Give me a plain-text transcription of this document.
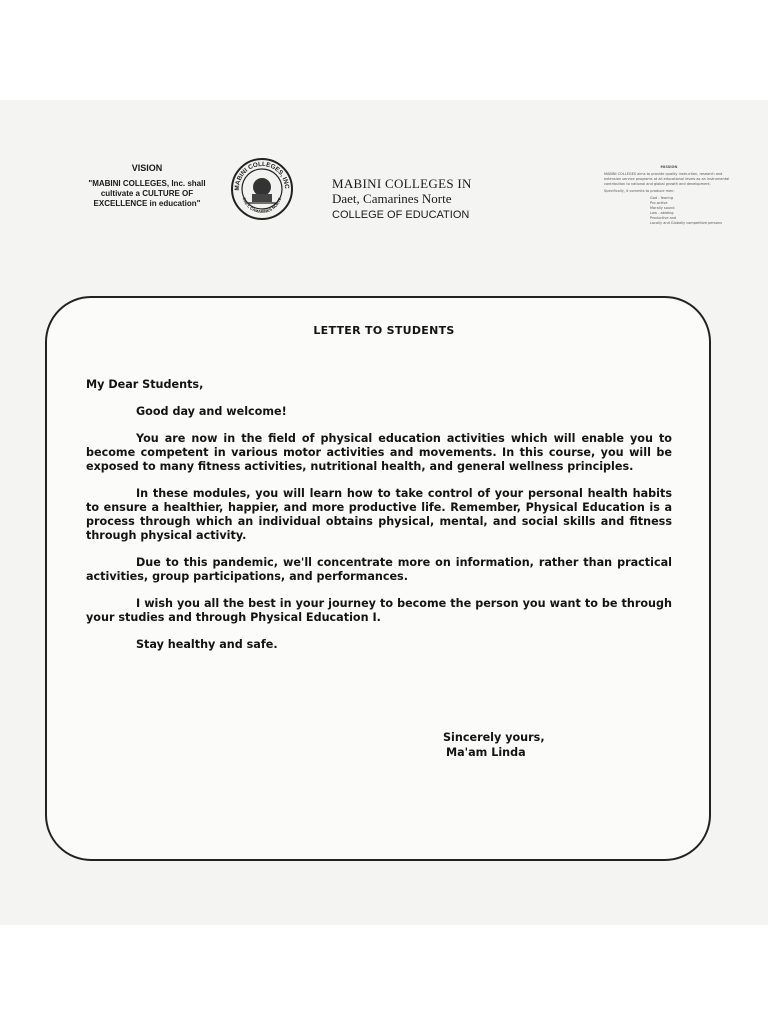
VISION
"MABINI COLLEGES, Inc. shall cultivate a CULTURE OF EXCELLENCE in education"
MABINI COLLEGES, INC
DAET, CAMARINES NORTE
MABINI COLLEGES IN
Daet, Camarines Norte
COLLEGE OF EDUCATION
MISSION

MABINI COLLEGES aims to provide quality instruction, research and extension service programs at all educational levels as an instrumental contribution to national and global growth and development.

Specifically, it commits to produce men:

God - fearing
Pro-active
Morally sound
Law - abiding
Productive and
Locally and Globally competitive persons
LETTER TO STUDENTS

My Dear Students,

Good day and welcome!

You are now in the field of physical education activities which will enable you to become competent in various motor activities and movements. In this course, you will be exposed to many fitness activities, nutritional health, and general wellness principles.

In these modules, you will learn how to take control of your personal health habits to ensure a healthier, happier, and more productive life. Remember, Physical Education is a process through which an individual obtains physical, mental, and social skills and fitness through physical activity.

Due to this pandemic, we'll concentrate more on information, rather than practical activities, group participations, and performances.

I wish you all the best in your journey to become the person you want to be through your studies and through Physical Education I.

Stay healthy and safe.

Sincerely yours,
Ma'am Linda
